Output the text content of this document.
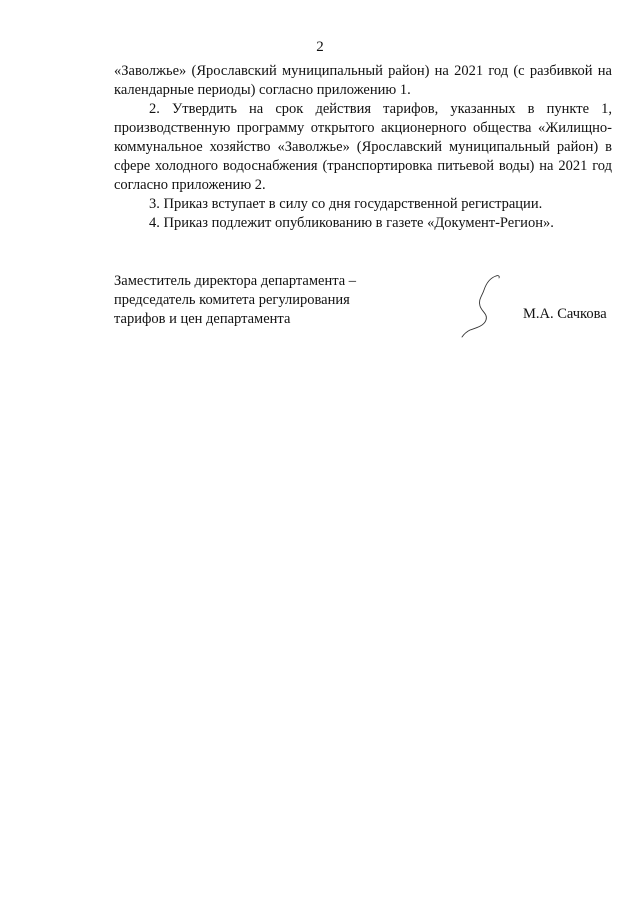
2

«Заволжье» (Ярославский муниципальный район) на 2021 год (с разбивкой на календарные периоды) согласно приложению 1.

2. Утвердить на срок действия тарифов, указанных в пункте 1, производственную программу открытого акционерного общества «Жилищно-коммунальное хозяйство «Заволжье» (Ярославский муниципальный район) в сфере холодного водоснабжения (транспортировка питьевой воды) на 2021 год согласно приложению 2.

3. Приказ вступает в силу со дня государственной регистрации.

4. Приказ подлежит опубликованию в газете «Документ-Регион».

Заместитель директора департамента –
председатель комитета регулирования
тарифов и цен департамента	М.А. Сачкова
